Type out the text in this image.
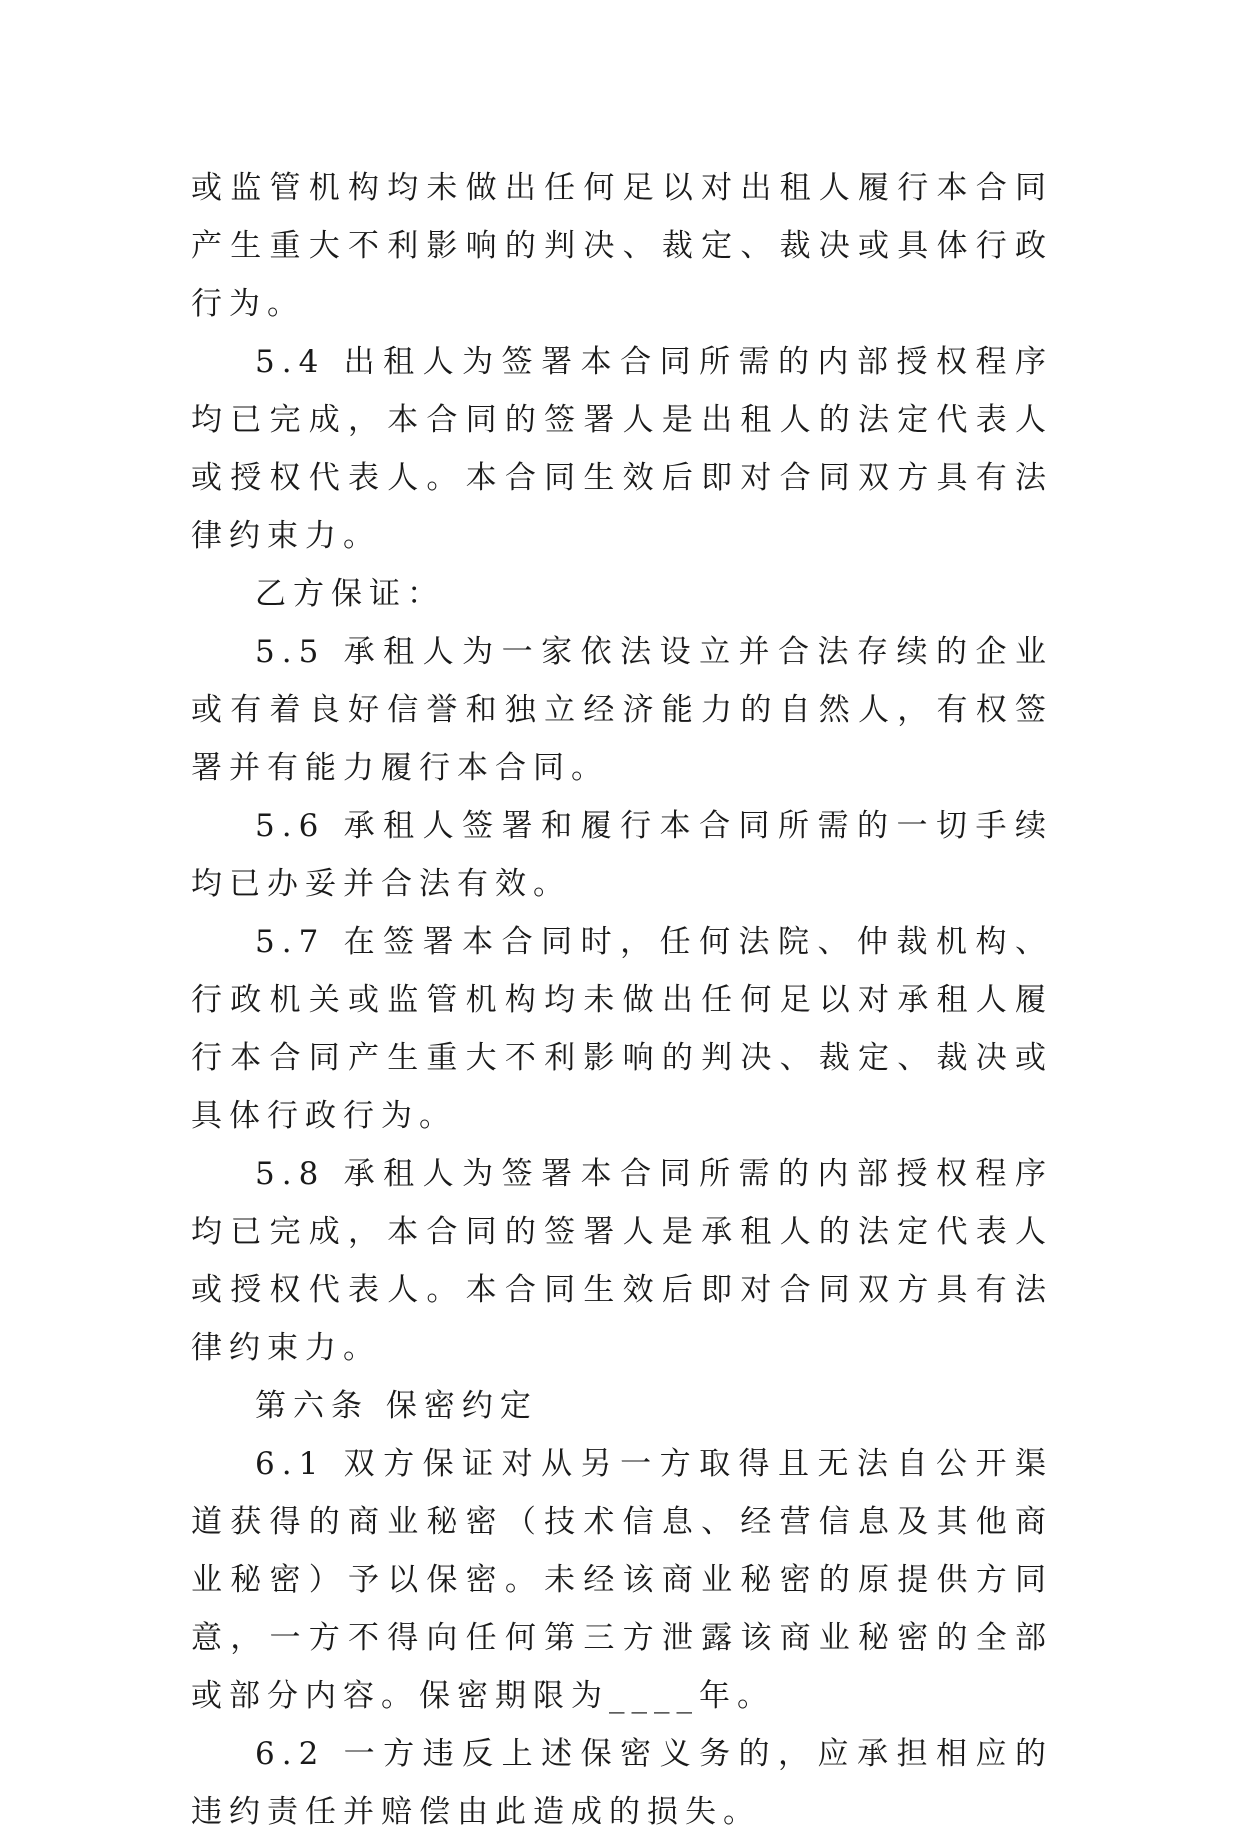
或监管机构均未做出任何足以对出租人履行本合同产生重大不利影响的判决、裁定、裁决或具体行政行为。

5.4 出租人为签署本合同所需的内部授权程序均已完成，本合同的签署人是出租人的法定代表人或授权代表人。本合同生效后即对合同双方具有法律约束力。

乙方保证：

5.5 承租人为一家依法设立并合法存续的企业或有着良好信誉和独立经济能力的自然人，有权签署并有能力履行本合同。

5.6 承租人签署和履行本合同所需的一切手续均已办妥并合法有效。

5.7 在签署本合同时，任何法院、仲裁机构、行政机关或监管机构均未做出任何足以对承租人履行本合同产生重大不利影响的判决、裁定、裁决或具体行政行为。

5.8 承租人为签署本合同所需的内部授权程序均已完成，本合同的签署人是承租人的法定代表人或授权代表人。本合同生效后即对合同双方具有法律约束力。

第六条 保密约定

6.1 双方保证对从另一方取得且无法自公开渠道获得的商业秘密（技术信息、经营信息及其他商业秘密）予以保密。未经该商业秘密的原提供方同意，一方不得向任何第三方泄露该商业秘密的全部或部分内容。保密期限为____年。

6.2 一方违反上述保密义务的，应承担相应的违约责任并赔偿由此造成的损失。
